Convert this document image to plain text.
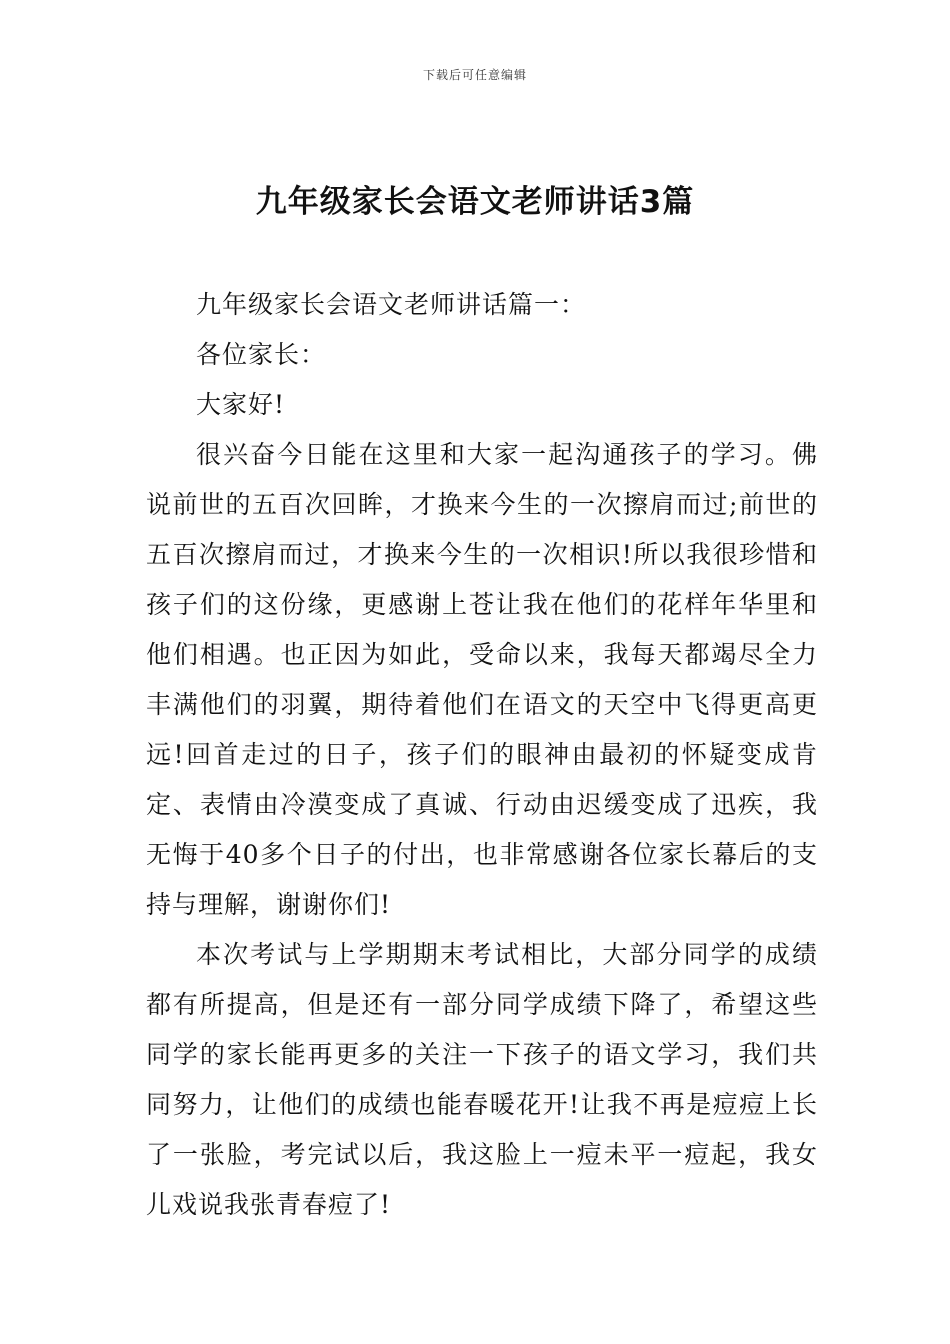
下载后可任意编辑
九年级家长会语文老师讲话3篇

九年级家长会语文老师讲话篇一：

各位家长：

大家好!

很兴奋今日能在这里和大家一起沟通孩子的学习。佛说前世的五百次回眸，才换来今生的一次擦肩而过;前世的五百次擦肩而过，才换来今生的一次相识!所以我很珍惜和孩子们的这份缘，更感谢上苍让我在他们的花样年华里和他们相遇。也正因为如此，受命以来，我每天都竭尽全力丰满他们的羽翼，期待着他们在语文的天空中飞得更高更远!回首走过的日子，孩子们的眼神由最初的怀疑变成肯定、表情由冷漠变成了真诚、行动由迟缓变成了迅疾，我无悔于40多个日子的付出，也非常感谢各位家长幕后的支持与理解，谢谢你们!

本次考试与上学期期末考试相比，大部分同学的成绩都有所提高，但是还有一部分同学成绩下降了，希望这些同学的家长能再更多的关注一下孩子的语文学习，我们共同努力，让他们的成绩也能春暖花开!让我不再是痘痘上长了一张脸，考完试以后，我这脸上一痘未平一痘起，我女儿戏说我张青春痘了!
